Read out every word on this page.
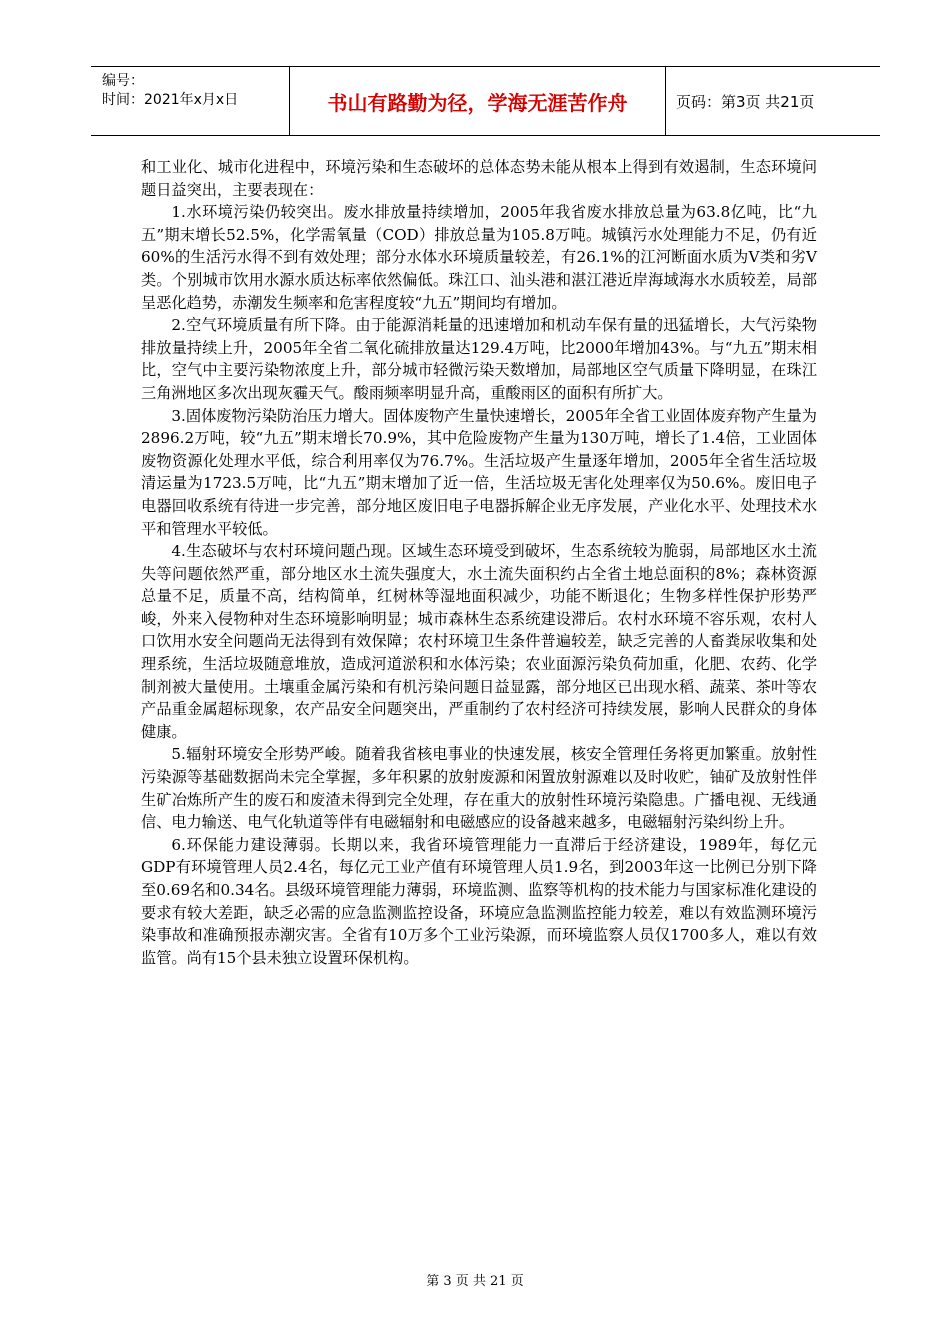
编号：
时间：2021年x月x日	书山有路勤为径，学海无涯苦作舟	页码：第3页 共21页

和工业化、城市化进程中，环境污染和生态破坏的总体态势未能从根本上得到有效遏制，生态环境问题日益突出，主要表现在：

1.水环境污染仍较突出。废水排放量持续增加，2005年我省废水排放总量为63.8亿吨，比“九五”期末增长52.5%，化学需氧量（COD）排放总量为105.8万吨。城镇污水处理能力不足，仍有近60%的生活污水得不到有效处理；部分水体水环境质量较差，有26.1%的江河断面水质为Ⅴ类和劣Ⅴ类。个别城市饮用水源水质达标率依然偏低。珠江口、汕头港和湛江港近岸海域海水水质较差，局部呈恶化趋势，赤潮发生频率和危害程度较“九五”期间均有增加。

2.空气环境质量有所下降。由于能源消耗量的迅速增加和机动车保有量的迅猛增长，大气污染物排放量持续上升，2005年全省二氧化硫排放量达129.4万吨，比2000年增加43%。与“九五”期末相比，空气中主要污染物浓度上升，部分城市轻微污染天数增加，局部地区空气质量下降明显，在珠江三角洲地区多次出现灰霾天气。酸雨频率明显升高，重酸雨区的面积有所扩大。

3.固体废物污染防治压力增大。固体废物产生量快速增长，2005年全省工业固体废弃物产生量为2896.2万吨，较“九五”期末增长70.9%，其中危险废物产生量为130万吨，增长了1.4倍，工业固体废物资源化处理水平低，综合利用率仅为76.7%。生活垃圾产生量逐年增加，2005年全省生活垃圾清运量为1723.5万吨，比“九五”期末增加了近一倍，生活垃圾无害化处理率仅为50.6%。废旧电子电器回收系统有待进一步完善，部分地区废旧电子电器拆解企业无序发展，产业化水平、处理技术水平和管理水平较低。

4.生态破坏与农村环境问题凸现。区域生态环境受到破坏，生态系统较为脆弱，局部地区水土流失等问题依然严重，部分地区水土流失强度大，水土流失面积约占全省土地总面积的8%；森林资源总量不足，质量不高，结构简单，红树林等湿地面积减少，功能不断退化；生物多样性保护形势严峻，外来入侵物种对生态环境影响明显；城市森林生态系统建设滞后。农村水环境不容乐观，农村人口饮用水安全问题尚无法得到有效保障；农村环境卫生条件普遍较差，缺乏完善的人畜粪尿收集和处理系统，生活垃圾随意堆放，造成河道淤积和水体污染；农业面源污染负荷加重，化肥、农药、化学制剂被大量使用。土壤重金属污染和有机污染问题日益显露，部分地区已出现水稻、蔬菜、茶叶等农产品重金属超标现象，农产品安全问题突出，严重制约了农村经济可持续发展，影响人民群众的身体健康。

5.辐射环境安全形势严峻。随着我省核电事业的快速发展，核安全管理任务将更加繁重。放射性污染源等基础数据尚未完全掌握，多年积累的放射废源和闲置放射源难以及时收贮，铀矿及放射性伴生矿冶炼所产生的废石和废渣未得到完全处理，存在重大的放射性环境污染隐患。广播电视、无线通信、电力输送、电气化轨道等伴有电磁辐射和电磁感应的设备越来越多，电磁辐射污染纠纷上升。

6.环保能力建设薄弱。长期以来，我省环境管理能力一直滞后于经济建设，1989年，每亿元GDP有环境管理人员2.4名，每亿元工业产值有环境管理人员1.9名，到2003年这一比例已分别下降至0.69名和0.34名。县级环境管理能力薄弱，环境监测、监察等机构的技术能力与国家标准化建设的要求有较大差距，缺乏必需的应急监测监控设备，环境应急监测监控能力较差，难以有效监测环境污染事故和准确预报赤潮灾害。全省有10万多个工业污染源，而环境监察人员仅1700多人，难以有效监管。尚有15个县未独立设置环保机构。

第 3 页 共 21 页
